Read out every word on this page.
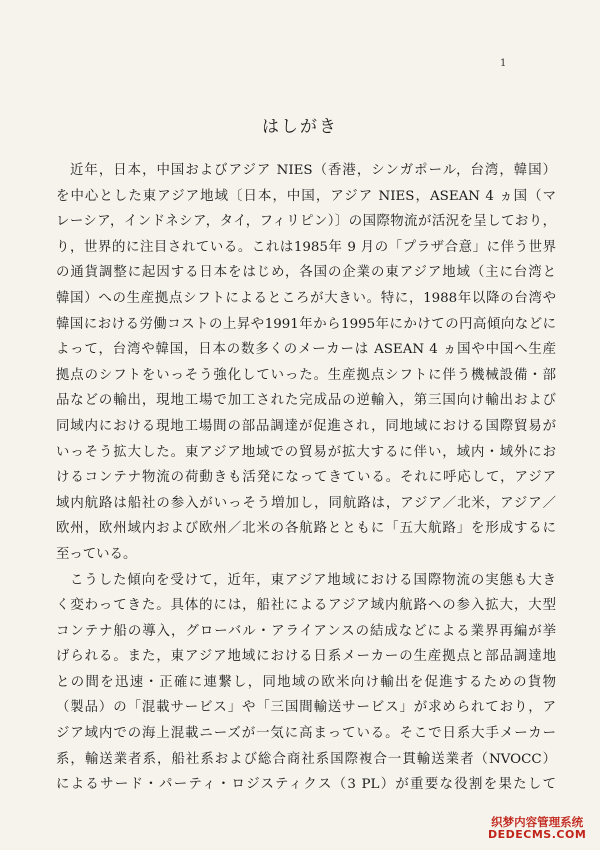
1
はしがき
近年，日本，中国およびアジア NIES（香港，シンガポール，台湾，韓国）
を中心とした東アジア地域〔日本，中国，アジア NIES，ASEAN 4 ヵ国（マ
レーシア，インドネシア，タイ，フィリピン）〕の国際物流が活況を呈しており，
り，世界的に注目されている。これは1985年 9 月の「プラザ合意」に伴う世界
の通貨調整に起因する日本をはじめ，各国の企業の東アジア地域（主に台湾と
韓国）への生産拠点シフトによるところが大きい。特に，1988年以降の台湾や
韓国における労働コストの上昇や1991年から1995年にかけての円高傾向などに
よって，台湾や韓国，日本の数多くのメーカーは ASEAN 4 ヵ国や中国へ生産
拠点のシフトをいっそう強化していった。生産拠点シフトに伴う機械設備・部
品などの輸出，現地工場で加工された完成品の逆輸入，第三国向け輸出および
同域内における現地工場間の部品調達が促進され，同地域における国際貿易が
いっそう拡大した。東アジア地域での貿易が拡大するに伴い，域内・域外にお
けるコンテナ物流の荷動きも活発になってきている。それに呼応して，アジア
域内航路は船社の参入がいっそう増加し，同航路は，アジア／北米，アジア／
欧州，欧州域内および欧州／北米の各航路とともに「五大航路」を形成するに
至っている。
こうした傾向を受けて，近年，東アジア地域における国際物流の実態も大き
く変わってきた。具体的には，船社によるアジア域内航路への参入拡大，大型
コンテナ船の導入，グローバル・アライアンスの結成などによる業界再編が挙
げられる。また，東アジア地域における日系メーカーの生産拠点と部品調達地
との間を迅速・正確に連繋し，同地域の欧米向け輸出を促進するための貨物
（製品）の「混載サービス」や「三国間輸送サービス」が求められており，ア
ジア域内での海上混載ニーズが一気に高まっている。そこで日系大手メーカー
系，輸送業者系，船社系および総合商社系国際複合一貫輸送業者（NVOCC）
によるサード・パーティ・ロジスティクス（3 PL）が重要な役割を果たして
织梦内容管理系统
DEDECMS.COM
